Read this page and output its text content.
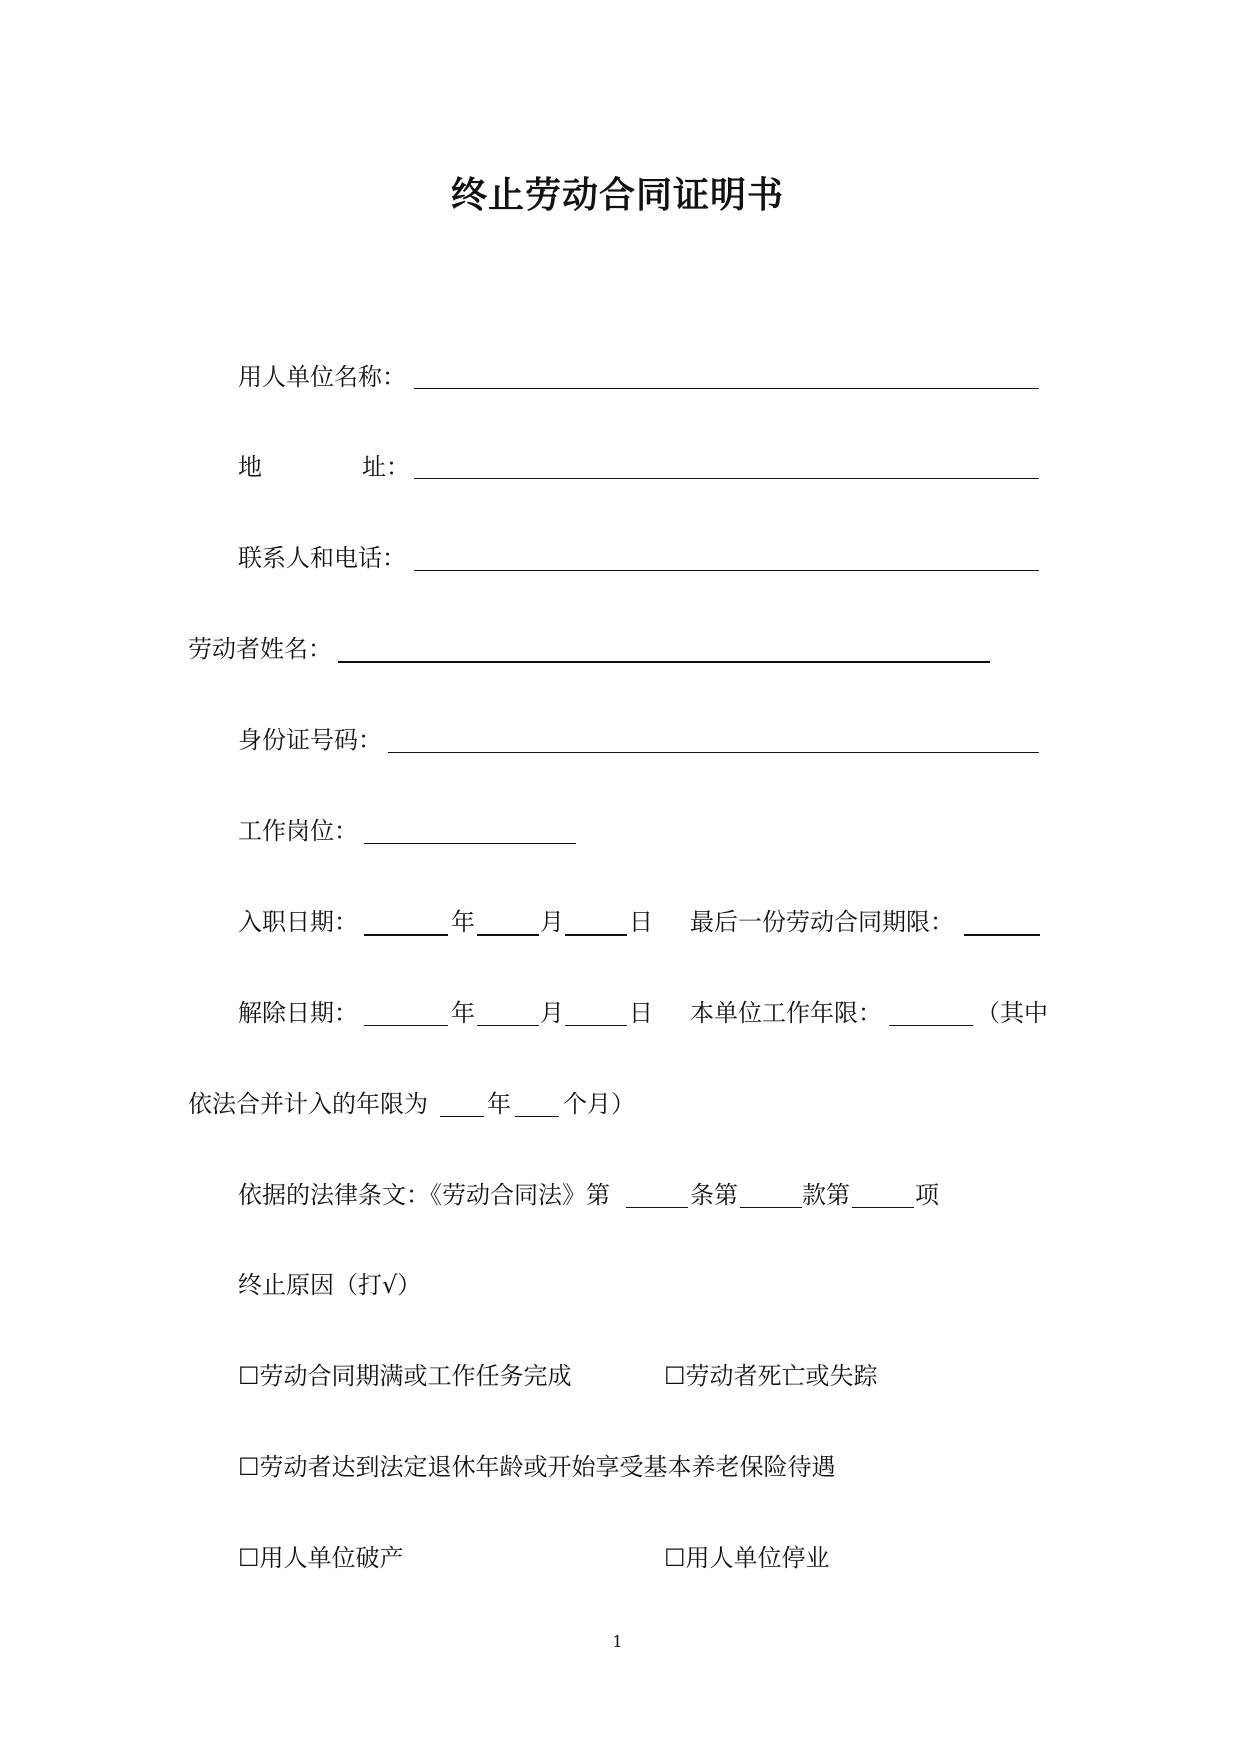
终止劳动合同证明书
用人单位名称：
地	址：
联系人和电话：
劳动者姓名：
身份证号码：
工作岗位：
入职日期：	年	月	日 最后一份劳动合同期限：
解除日期：	年	月	日 本单位工作年限：	（其中
依法合并计入的年限为 年 个月）
依据的法律条文：《劳动合同法》第	条第	款第	项
终止原因（打√）
☐劳动合同期满或工作任务完成	☐劳动者死亡或失踪
☐劳动者达到法定退休年龄或开始享受基本养老保险待遇
☐用人单位破产	☐用人单位停业
1
